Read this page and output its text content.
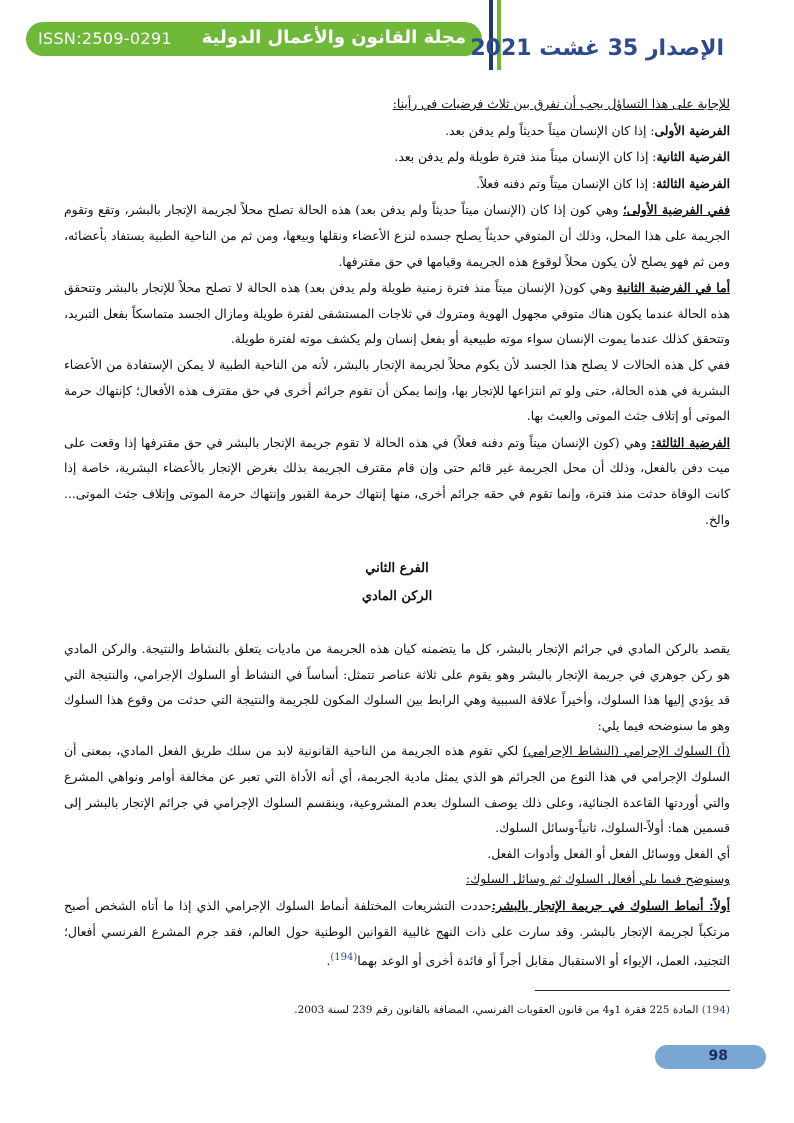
ISSN:2509-0291 مجلة القانون والأعمال الدولية الإصدار 35 غشت 2021

للإجابة على هذا التساؤل يجب أن نفرق بين ثلاث فرضيات في رأينا:

الفرضية الأولى: إذا كان الإنسان ميتاً حديثاً ولم يدفن بعد.

الفرضية الثانية: إذا كان الإنسان ميتاً منذ فترة طويلة ولم يدفن بعد.

الفرضية الثالثة: إذا كان الإنسان ميتاً وتم دفنه فعلاً.

ففي الفرضية الأولى؛ وهي كون إذا كان (الإنسان ميتاً حديثاً ولم يدفن بعد) هذه الحالة تصلح محلاً لجريمة الإتجار بالبشر، وتقع وتقوم الجريمة على هذا المحل، وذلك أن المتوفي حديثاً يصلح جسده لنزع الأعضاء ونقلها وبيعها، ومن ثم من الناحية الطبية يستفاد بأعضائه، ومن ثم فهو يصلح لأن يكون محلاً لوقوع هذه الجريمة وقيامها في حق مقترفها.

أما في الفرضية الثانية وهي كون( الإنسان ميتاً منذ فترة زمنية طويلة ولم يدفن بعد) هذه الحالة لا تصلح محلاً للإتجار بالبشر وتتحقق هذه الحالة عندما يكون هناك متوفي مجهول الهوية ومتروك في ثلاجات المستشفى لفترة طويلة ومازال الجسد متماسكاً بفعل التبريد، وتتحقق كذلك عندما يموت الإنسان سواء موته طبيعية أو بفعل إنسان ولم يكشف موته لفترة طويلة.

ففي كل هذه الحالات لا يصلح هذا الجسد لأن يكوم محلاً لجريمة الإتجار بالبشر، لأنه من الناحية الطبية لا يمكن الإستفادة من الأعضاء البشرية في هذه الحالة، حتى ولو تم انتزاعها للإتجار بها، وإنما يمكن أن تقوم جرائم أخرى في حق مقترف هذه الأفعال؛ كإنتهاك حرمة الموتى أو إتلاف جثث الموتى والعبث بها.

الفرضية الثالثة: وهي (كون الإنسان ميتاً وتم دفنه فعلاً) في هذه الحالة لا تقوم جريمة الإتجار بالبشر في حق مقترفها إذا وقعت على ميت دفن بالفعل، وذلك أن محل الجريمة غير قائم حتى وإن قام مقترف الجريمة بذلك بغرض الإتجار بالأعضاء البشرية، خاصة إذا كانت الوفاة حدثت منذ فترة، وإنما تقوم في حقه جرائم أخرى، منها إنتهاك حرمة القبور وإنتهاك حرمة الموتى وإتلاف جثث الموتى... والخ.

الفرع الثاني

الركن المادي

يقصد بالركن المادي في جرائم الإتجار بالبشر، كل ما يتضمنه كيان هذه الجريمة من ماديات يتعلق بالنشاط والنتيجة. والركن المادي هو ركن جوهري في جريمة الإتجار بالبشر وهو يقوم على ثلاثة عناصر تتمثل: أساساً في النشاط أو السلوك الإجرامي، والنتيجة التي قد يؤدي إليها هذا السلوك، وأخيراً علاقة السببية وهي الرابط بين السلوك المكون للجريمة والنتيجة التي حدثت من وقوع هذا السلوك وهو ما سنوضحه فيما يلي:

(أ) السلوك الإجرامي (النشاط الإجرامي) لكي تقوم هذه الجريمة من الناحية القانونية لابد من سلك طريق الفعل المادي، بمعنى أن السلوك الإجرامي في هذا النوع من الجرائم هو الذي يمثل مادية الجريمة، أي أنه الأداة التي تعبر عن مخالفة أوامر ونواهي المشرع والتي أوردتها القاعدة الجنائية، وعلى ذلك يوصف السلوك بعدم المشروعية، وينقسم السلوك الإجرامي في جرائم الإتجار بالبشر إلى قسمين هما: أولاً-السلوك، ثانياً-وسائل السلوك.

أي الفعل ووسائل الفعل أو الفعل وأدوات الفعل.

وسنوضح فيما يلي أفعال السلوك ثم وسائل السلوك:

أولاً: أنماط السلوك في جريمة الإتجار بالبشر:حددت التشريعات المختلفة أنماط السلوك الإجرامي الذي إذا ما أتاه الشخص أصبح مرتكباً لجريمة الإتجار بالبشر. وقد سارت على ذات النهج غالبية القوانين الوطنية حول العالم، فقد جرم المشرع الفرنسي أفعال؛ التجنيد، العمل، الإيواء أو الاستقبال مقابل أجراً أو فائدة أخرى أو الوعد بهما$^{(194)}$.

(194) المادة 225 فقرة 1و4 من قانون العقوبات الفرنسي، المضافة بالقانون رقم 239 لسنة 2003.
98
